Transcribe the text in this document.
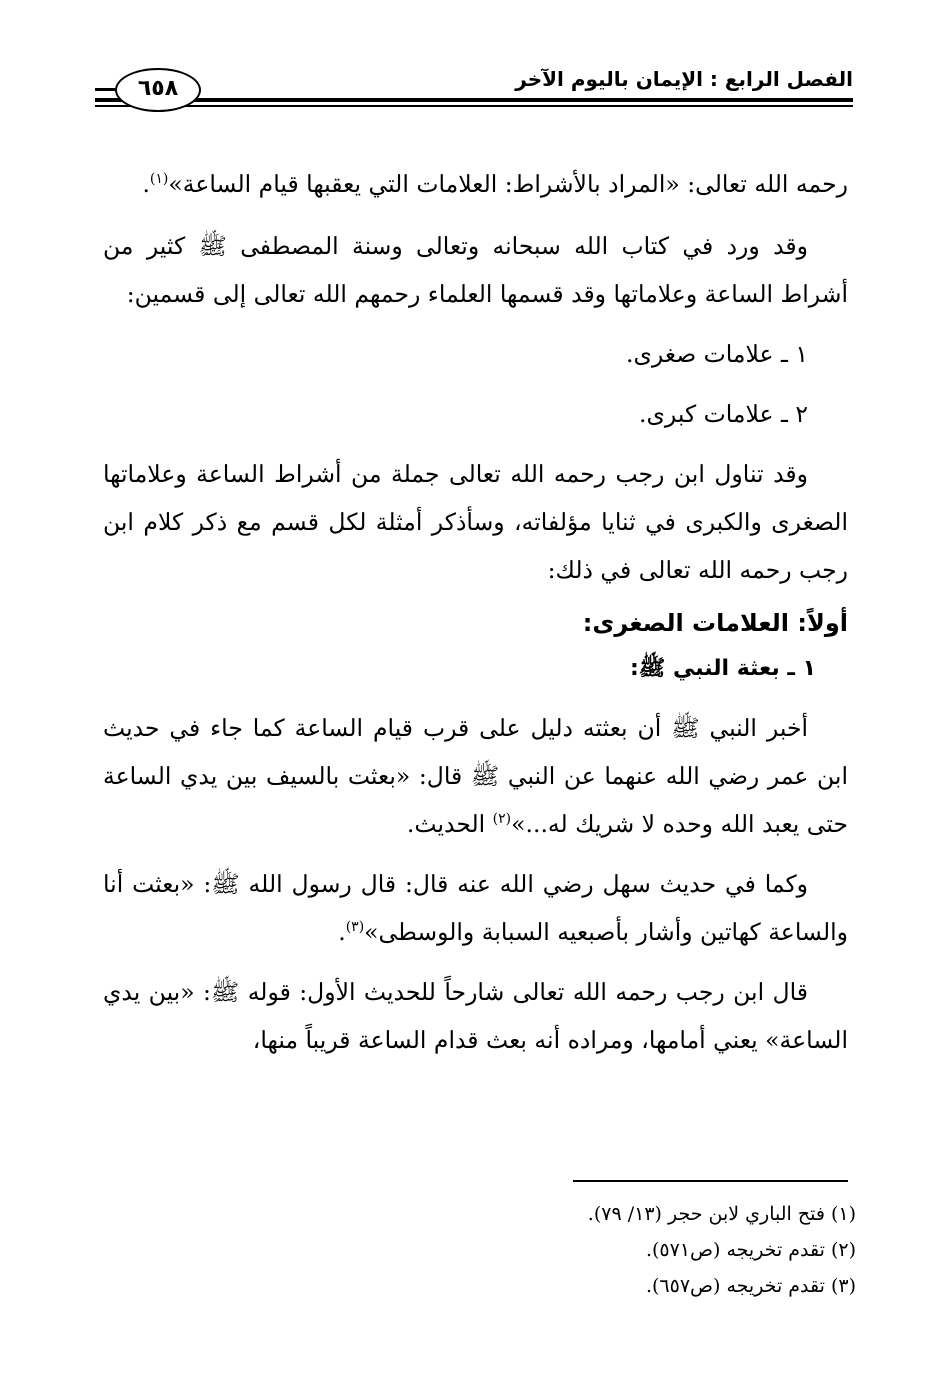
الفصل الرابع : الإيمان باليوم الآخر
٦٥٨

رحمه الله تعالى: «المراد بالأشراط: العلامات التي يعقبها قيام الساعة»$^{(١)}$.

وقد ورد في كتاب الله سبحانه وتعالى وسنة المصطفى ﷺ كثير من أشراط الساعة وعلاماتها وقد قسمها العلماء رحمهم الله تعالى إلى قسمين:

١ ـ علامات صغرى.

٢ ـ علامات كبرى.

وقد تناول ابن رجب رحمه الله تعالى جملة من أشراط الساعة وعلاماتها الصغرى والكبرى في ثنايا مؤلفاته، وسأذكر أمثلة لكل قسم مع ذكر كلام ابن رجب رحمه الله تعالى في ذلك:

أولاً: العلامات الصغرى:
١ ـ بعثة النبي ﷺ:

أخبر النبي ﷺ أن بعثته دليل على قرب قيام الساعة كما جاء في حديث ابن عمر رضي الله عنهما عن النبي ﷺ قال: «بعثت بالسيف بين يدي الساعة حتى يعبد الله وحده لا شريك له...»$^{(٢)}$ الحديث.

وكما في حديث سهل رضي الله عنه قال: قال رسول الله ﷺ: «بعثت أنا والساعة كهاتين وأشار بأصبعيه السبابة والوسطى»$^{(٣)}$.

قال ابن رجب رحمه الله تعالى شارحاً للحديث الأول: قوله ﷺ: «بين يدي الساعة» يعني أمامها، ومراده أنه بعث قدام الساعة قريباً منها،

(١) فتح الباري لابن حجر (١٣/ ٧٩).
(٢) تقدم تخريجه (ص٥٧١).
(٣) تقدم تخريجه (ص٦٥٧).
